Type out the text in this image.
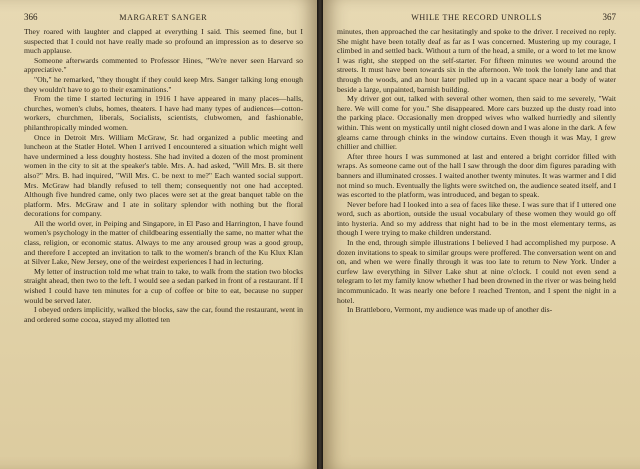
366	MARGARET SANGER

They roared with laughter and clapped at everything I said. This seemed fine, but I suspected that I could not have really made so profound an impression as to deserve so much applause.

Someone afterwards commented to Professor Hines, "We're never seen Harvard so appreciative."

"Oh," he remarked, "they thought if they could keep Mrs. Sanger talking long enough they wouldn't have to go to their examinations."

From the time I started lecturing in 1916 I have appeared in many places—halls, churches, women's clubs, homes, theaters. I have had many types of audiences—cotton-workers, churchmen, liberals, Socialists, scientists, clubwomen, and fashionable, philanthropically minded women.

Once in Detroit Mrs. William McGraw, Sr. had organized a public meeting and luncheon at the Statler Hotel. When I arrived I encountered a situation which might well have undermined a less doughty hostess. She had invited a dozen of the most prominent women in the city to sit at the speaker's table. Mrs. A. had asked, "Will Mrs. B. sit there also?" Mrs. B. had inquired, "Will Mrs. C. be next to me?" Each wanted social support. Mrs. McGraw had blandly refused to tell them; consequently not one had accepted. Although five hundred came, only two places were set at the great banquet table on the platform. Mrs. McGraw and I ate in solitary splendor with nothing but the floral decorations for company.

All the world over, in Peiping and Singapore, in El Paso and Harrington, I have found women's psychology in the matter of childbearing essentially the same, no matter what the class, religion, or economic status. Always to me any aroused group was a good group, and therefore I accepted an invitation to talk to the women's branch of the Ku Klux Klan at Silver Lake, New Jersey, one of the weirdest experiences I had in lecturing.

My letter of instruction told me what train to take, to walk from the station two blocks straight ahead, then two to the left. I would see a sedan parked in front of a restaurant. If I wished I could have ten minutes for a cup of coffee or bite to eat, because no supper would be served later.

I obeyed orders implicitly, walked the blocks, saw the car, found the restaurant, went in and ordered some cocoa, stayed my allotted ten

WHILE THE RECORD UNROLLS	367

minutes, then approached the car hesitatingly and spoke to the driver. I received no reply. She might have been totally deaf as far as I was concerned. Mustering up my courage, I climbed in and settled back. Without a turn of the head, a smile, or a word to let me know I was right, she stepped on the self-starter. For fifteen minutes we wound around the streets. It must have been towards six in the afternoon. We took the lonely lane and that through the woods, and an hour later pulled up in a vacant space near a body of water beside a large, unpainted, barnish building.

My driver got out, talked with several other women, then said to me severely, "Wait here. We will come for you." She disappeared. More cars buzzed up the dusty road into the parking place. Occasionally men dropped wives who walked hurriedly and silently within. This went on mystically until night closed down and I was alone in the dark. A few gleams came through chinks in the window curtains. Even though it was May, I grew chillier and chillier.

After three hours I was summoned at last and entered a bright corridor filled with wraps. As someone came out of the hall I saw through the door dim figures parading with banners and illuminated crosses. I waited another twenty minutes. It was warmer and I did not mind so much. Eventually the lights were switched on, the audience seated itself, and I was escorted to the platform, was introduced, and began to speak.

Never before had I looked into a sea of faces like these. I was sure that if I uttered one word, such as abortion, outside the usual vocabulary of these women they would go off into hysteria. And so my address that night had to be in the most elementary terms, as though I were trying to make children understand.

In the end, through simple illustrations I believed I had accomplished my purpose. A dozen invitations to speak to similar groups were proffered. The conversation went on and on, and when we were finally through it was too late to return to New York. Under a curfew law everything in Silver Lake shut at nine o'clock. I could not even send a telegram to let my family know whether I had been drowned in the river or was being held incommunicado. It was nearly one before I reached Trenton, and I spent the night in a hotel.

In Brattleboro, Vermont, my audience was made up of another dis-
